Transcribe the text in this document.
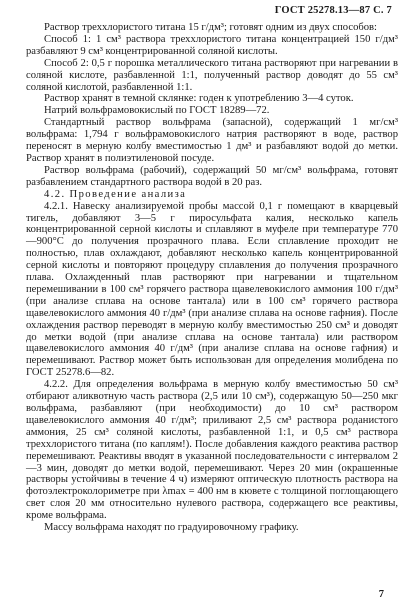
ГОСТ 25278.13—87 С. 7

Раствор треххлористого титана 15 г/дм³; готовят одним из двух способов:

Способ 1: 1 см³ раствора треххлористого титана концентрацией 150 г/дм³ разбавляют 9 см³ концентрированной соляной кислоты.

Способ 2: 0,5 г порошка металлического титана растворяют при нагревании в соляной кислоте, разбавленной 1:1, полученный раствор доводят до 55 см³ соляной кислотой, разбавленной 1:1.

Раствор хранят в темной склянке: годен к употреблению 3—4 суток.

Натрий вольфрамовокислый по ГОСТ 18289—72.

Стандартный раствор вольфрама (запасной), содержащий 1 мг/см³ вольфрама: 1,794 г вольфрамовокислого натрия растворяют в воде, раствор переносят в мерную колбу вместимостью 1 дм³ и разбавляют водой до метки. Раствор хранят в полиэтиленовой посуде.

Раствор вольфрама (рабочий), содержащий 50 мг/см³ вольфрама, готовят разбавлением стандартного раствора водой в 20 раз.

4.2. Проведение анализа

4.2.1. Навеску анализируемой пробы массой 0,1 г помещают в кварцевый тигель, добавляют 3—5 г пиросульфата калия, несколько капель концентрированной серной кислоты и сплавляют в муфеле при температуре 770—900°С до получения прозрачного плава. Если сплавление проходит не полностью, плав охлаждают, добавляют несколько капель концентрированной серной кислоты и повторяют процедуру сплавления до получения прозрачного плава. Охлажденный плав растворяют при нагревании и тщательном перемешивании в 100 см³ горячего раствора щавелевокислого аммония 100 г/дм³ (при анализе сплава на основе тантала) или в 100 см³ горячего раствора щавелевокислого аммония 40 г/дм³ (при анализе сплава на основе гафния). После охлаждения раствор переводят в мерную колбу вместимостью 250 см³ и доводят до метки водой (при анализе сплава на основе тантала) или раствором щавелевокислого аммония 40 г/дм³ (при анализе сплава на основе гафния) и перемешивают. Раствор может быть использован для определения молибдена по ГОСТ 25278.6—82.

4.2.2. Для определения вольфрама в мерную колбу вместимостью 50 см³ отбирают аликвотную часть раствора (2,5 или 10 см³), содержащую 50—250 мкг вольфрама, разбавляют (при необходимости) до 10 см³ раствором щавелевокислого аммония 40 г/дм³; приливают 2,5 см³ раствора роданистого аммония, 25 см³ соляной кислоты, разбавленной 1:1, и 0,5 см³ раствора треххлористого титана (по каплям!). После добавления каждого реактива раствор перемешивают. Реактивы вводят в указанной последовательности с интервалом 2—3 мин, доводят до метки водой, перемешивают. Через 20 мин (окрашенные растворы устойчивы в течение 4 ч) измеряют оптическую плотность раствора на фотоэлектроколориметре при λmax = 400 нм в кювете с толщиной поглощающего свет слоя 20 мм относительно нулевого раствора, содержащего все реактивы, кроме вольфрама.

Массу вольфрама находят по градуировочному графику.

7
